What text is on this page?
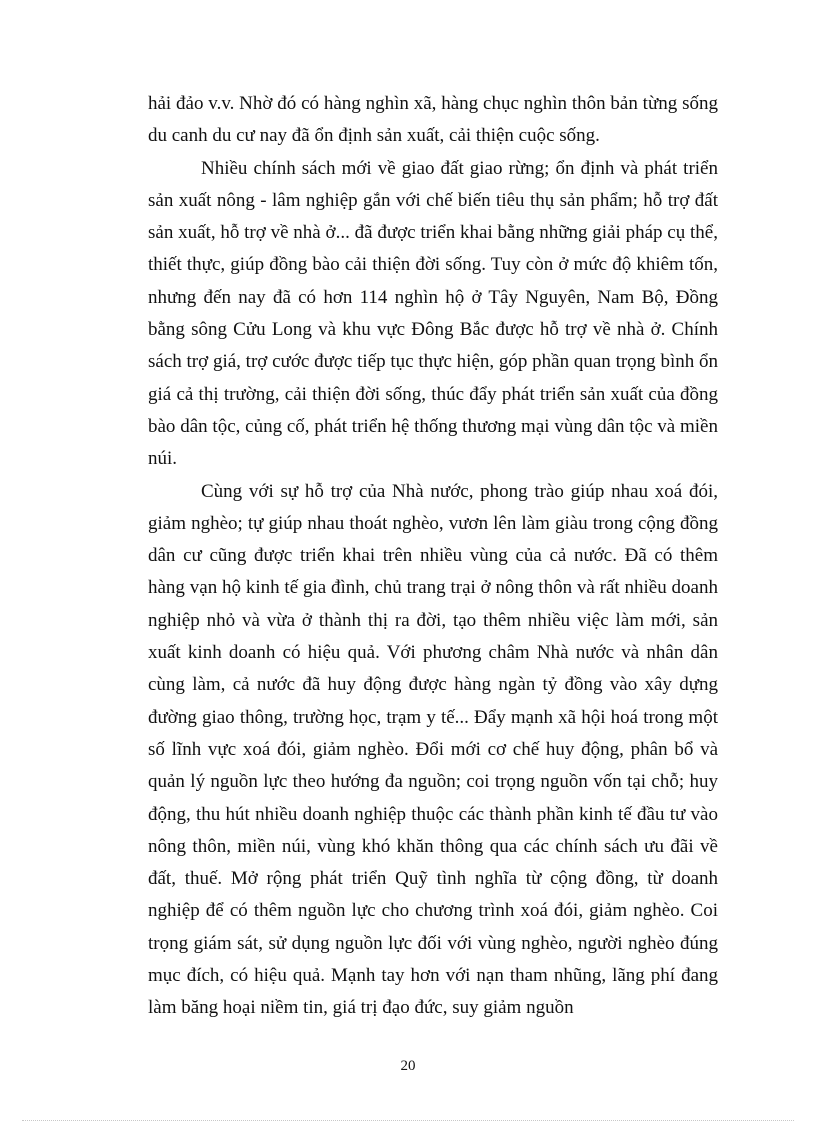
hải đảo v.v. Nhờ đó có hàng nghìn xã, hàng chục nghìn thôn bản từng sống du canh du cư nay đã ổn định sản xuất, cải thiện cuộc sống.

Nhiều chính sách mới về giao đất giao rừng; ổn định và phát triển sản xuất nông - lâm nghiệp gắn với chế biến tiêu thụ sản phẩm; hỗ trợ đất sản xuất, hỗ trợ về nhà ở... đã được triển khai bằng những giải pháp cụ thể, thiết thực, giúp đồng bào cải thiện đời sống. Tuy còn ở mức độ khiêm tốn, nhưng đến nay đã có hơn 114 nghìn hộ ở Tây Nguyên, Nam Bộ, Đồng bằng sông Cửu Long và khu vực Đông Bắc được hỗ trợ về nhà ở. Chính sách trợ giá, trợ cước được tiếp tục thực hiện, góp phần quan trọng bình ổn giá cả thị trường, cải thiện đời sống, thúc đẩy phát triển sản xuất của đồng bào dân tộc, củng cố, phát triển hệ thống thương mại vùng dân tộc và miền núi.

Cùng với sự hỗ trợ của Nhà nước, phong trào giúp nhau xoá đói, giảm nghèo; tự giúp nhau thoát nghèo, vươn lên làm giàu trong cộng đồng dân cư cũng được triển khai trên nhiều vùng của cả nước. Đã có thêm hàng vạn hộ kinh tế gia đình, chủ trang trại ở nông thôn và rất nhiều doanh nghiệp nhỏ và vừa ở thành thị ra đời, tạo thêm nhiều việc làm mới, sản xuất kinh doanh có hiệu quả. Với phương châm Nhà nước và nhân dân cùng làm, cả nước đã huy động được hàng ngàn tỷ đồng vào xây dựng đường giao thông, trường học, trạm y tế... Đẩy mạnh xã hội hoá trong một số lĩnh vực xoá đói, giảm nghèo. Đổi mới cơ chế huy động, phân bổ và quản lý nguồn lực theo hướng đa nguồn; coi trọng nguồn vốn tại chỗ; huy động, thu hút nhiều doanh nghiệp thuộc các thành phần kinh tế đầu tư vào nông thôn, miền núi, vùng khó khăn thông qua các chính sách ưu đãi về đất, thuế. Mở rộng phát triển Quỹ tình nghĩa từ cộng đồng, từ doanh nghiệp để có thêm nguồn lực cho chương trình xoá đói, giảm nghèo. Coi trọng giám sát, sử dụng nguồn lực đối với vùng nghèo, người nghèo đúng mục đích, có hiệu quả. Mạnh tay hơn với nạn tham nhũng, lãng phí đang làm băng hoại niềm tin, giá trị đạo đức, suy giảm nguồn

20
